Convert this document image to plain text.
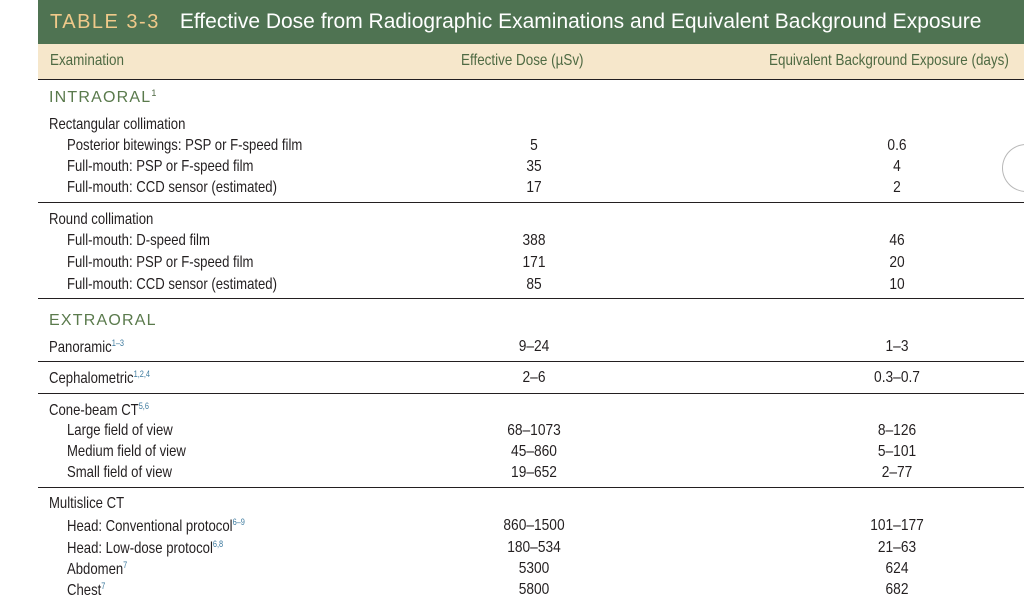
TABLE 3-3 Effective Dose from Radiographic Examinations and Equivalent Background Exposure
Examination	Effective Dose (µSv)	Equivalent Background Exposure (days)
INTRAORAL$^1$
Rectangular collimation
Posterior bitewings: PSP or F-speed film	5	0.6
Full-mouth: PSP or F-speed film	35	4
Full-mouth: CCD sensor (estimated)	17	2
Round collimation
Full-mouth: D-speed film	388	46
Full-mouth: PSP or F-speed film	171	20
Full-mouth: CCD sensor (estimated)	85	10
EXTRAORAL
Panoramic$^{1-3}$	9–24	1–3
Cephalometric$^{1,2,4}$	2–6	0.3–0.7
Cone-beam CT$^{5,6}$
Large field of view	68–1073	8–126
Medium field of view	45–860	5–101
Small field of view	19–652	2–77
Multislice CT
Head: Conventional protocol$^{6-9}$	860–1500	101–177
Head: Low-dose protocol$^{6,8}$	180–534	21–63
Abdomen$^7$	5300	624
Chest$^7$	5800	682
